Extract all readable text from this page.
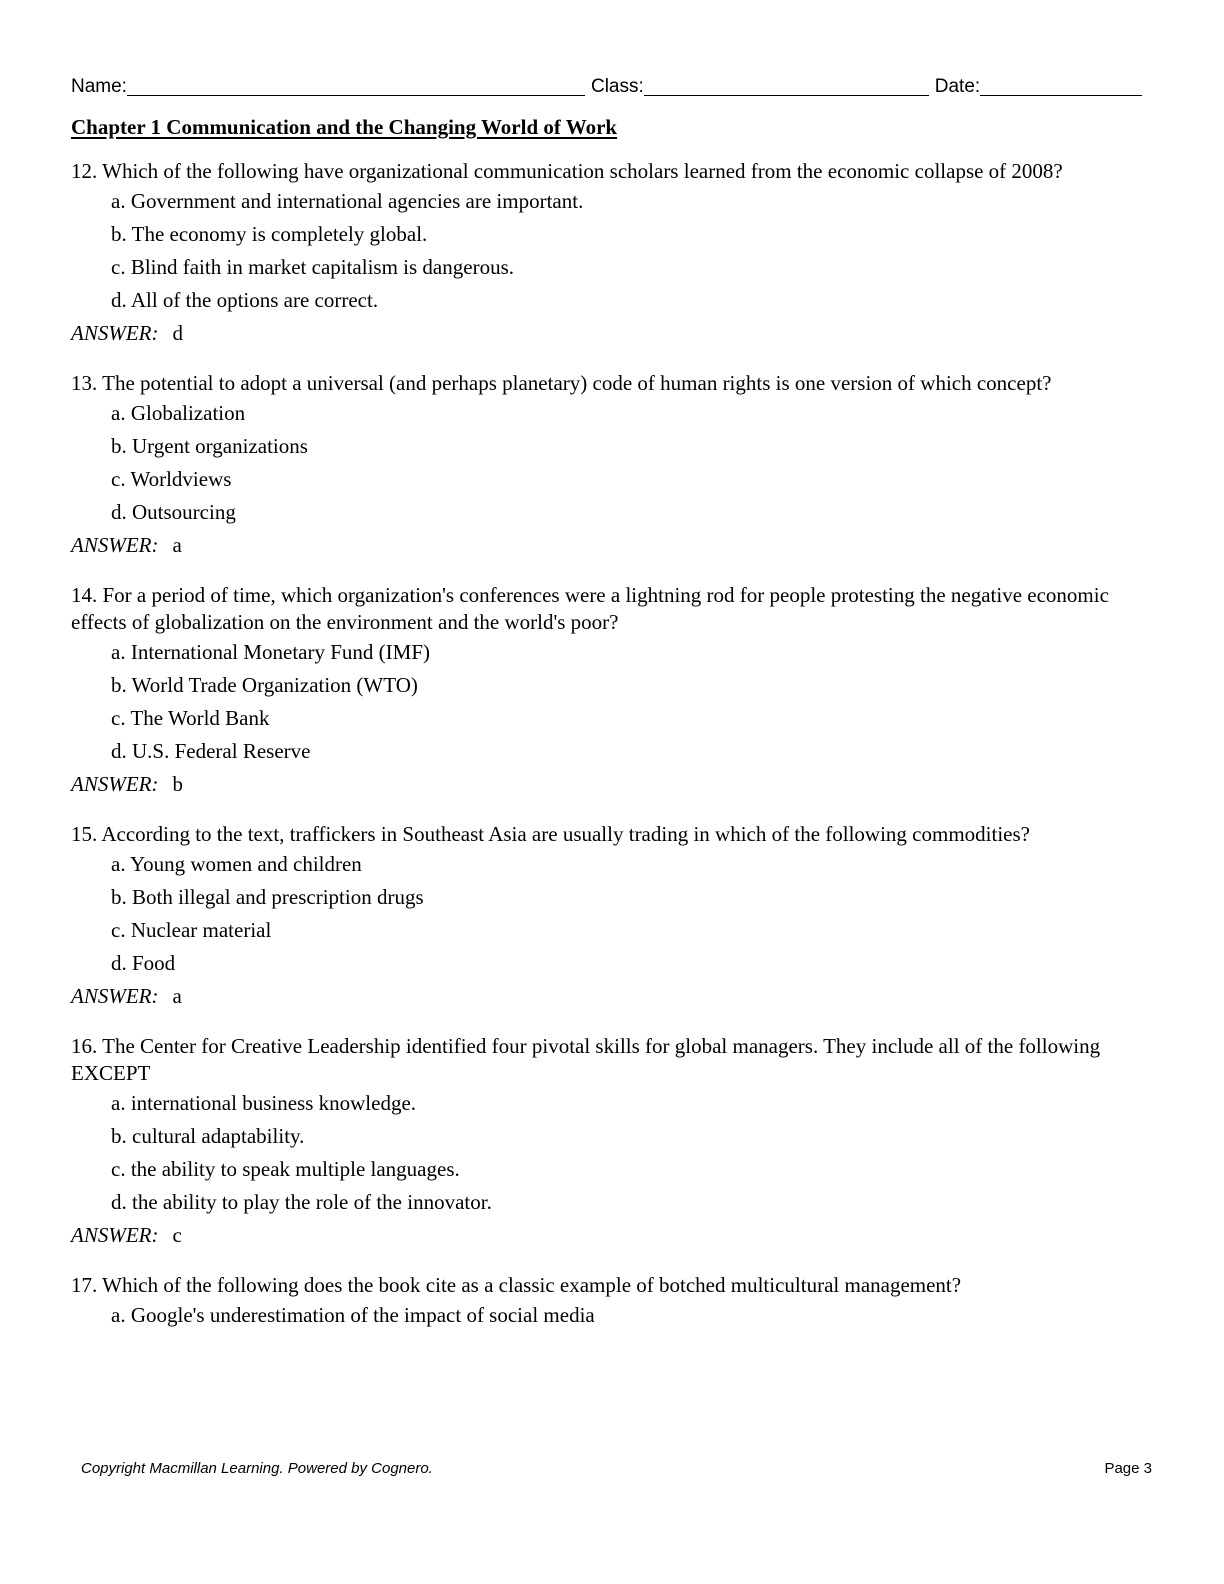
Name:	Class:	Date:
Chapter 1 Communication and the Changing World of Work

12. Which of the following have organizational communication scholars learned from the economic collapse of 2008?

a. Government and international agencies are important.
b. The economy is completely global.
c. Blind faith in market capitalism is dangerous.
d. All of the options are correct.
ANSWER: d

13. The potential to adopt a universal (and perhaps planetary) code of human rights is one version of which concept?

a. Globalization
b. Urgent organizations
c. Worldviews
d. Outsourcing
ANSWER: a

14. For a period of time, which organization's conferences were a lightning rod for people protesting the negative economic effects of globalization on the environment and the world's poor?

a. International Monetary Fund (IMF)
b. World Trade Organization (WTO)
c. The World Bank
d. U.S. Federal Reserve
ANSWER: b

15. According to the text, traffickers in Southeast Asia are usually trading in which of the following commodities?

a. Young women and children
b. Both illegal and prescription drugs
c. Nuclear material
d. Food
ANSWER: a

16. The Center for Creative Leadership identified four pivotal skills for global managers. They include all of the following EXCEPT

a. international business knowledge.
b. cultural adaptability.
c. the ability to speak multiple languages.
d. the ability to play the role of the innovator.
ANSWER: c

17. Which of the following does the book cite as a classic example of botched multicultural management?

a. Google's underestimation of the impact of social media
Copyright Macmillan Learning. Powered by Cognero.	Page 3
